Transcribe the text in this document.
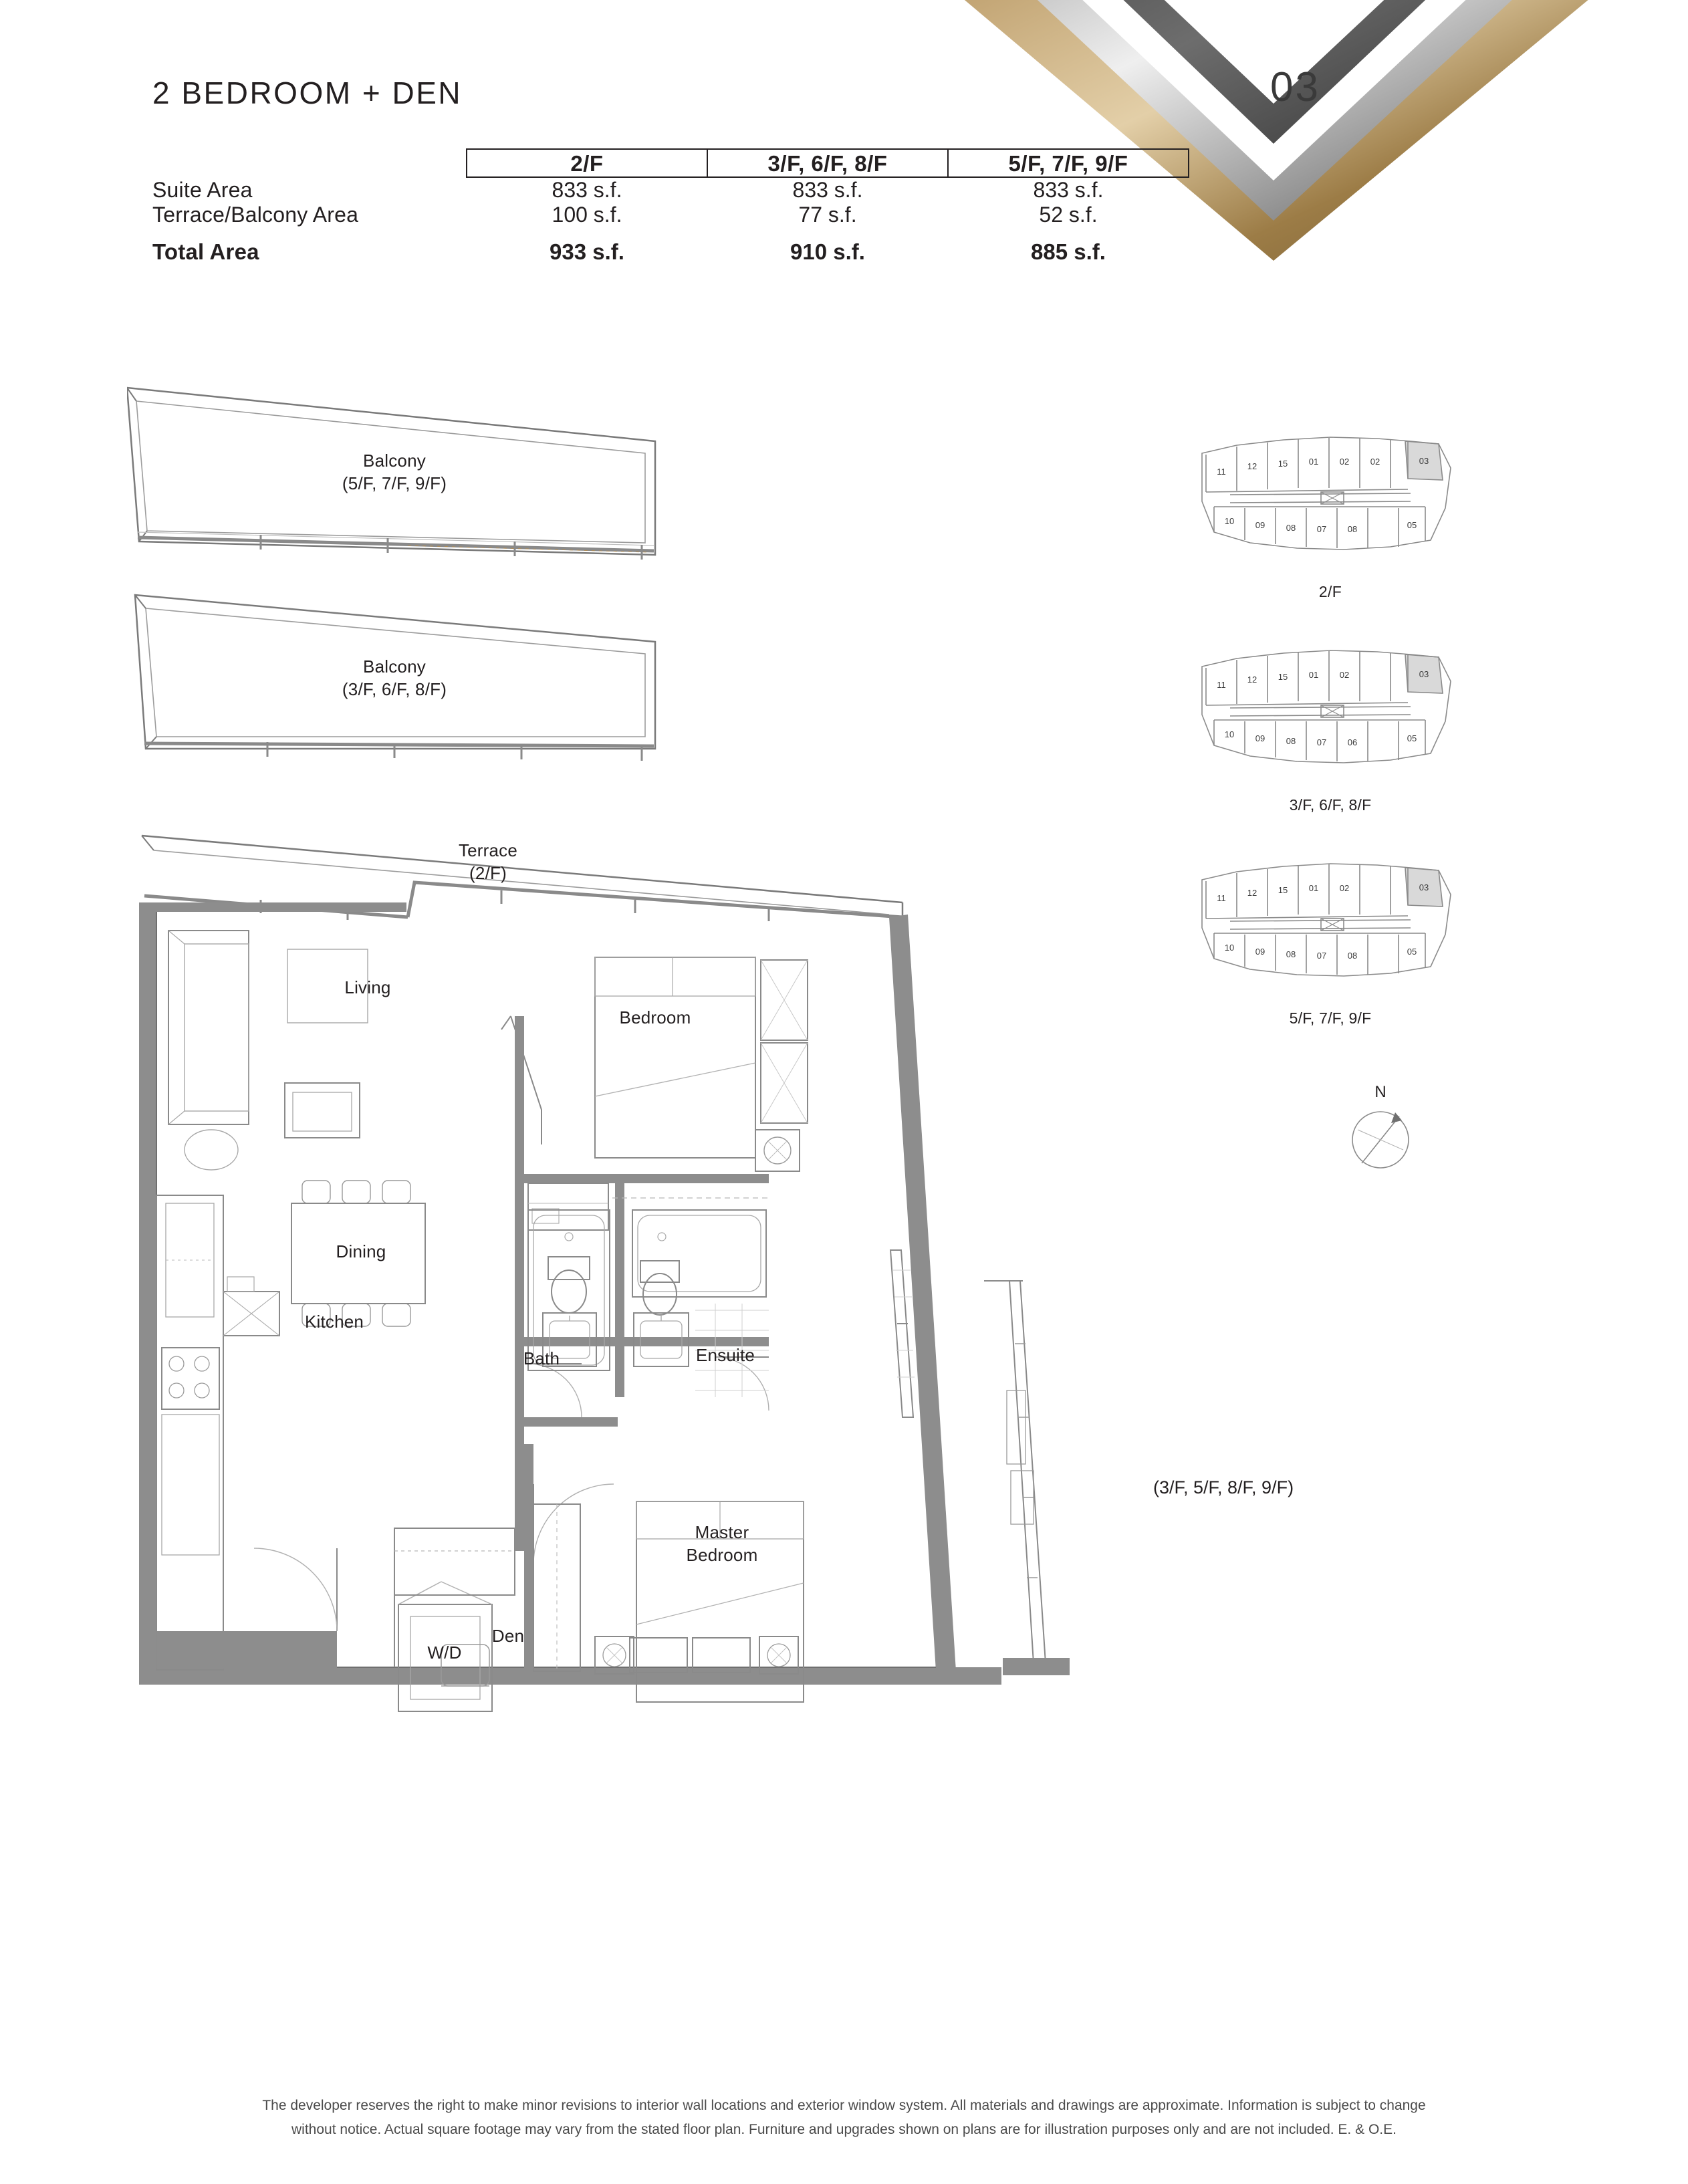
03
2 BEDROOM + DEN
	2/F	3/F, 6/F, 8/F	5/F, 7/F, 9/F
Suite Area	833 s.f.	833 s.f.	833 s.f.
Terrace/Balcony Area	100 s.f.	77 s.f.	52 s.f.
Total Area	933 s.f.	910 s.f.	885 s.f.
Balcony
(5/F, 7/F, 9/F)
Balcony
(3/F, 6/F, 8/F)
Terrace
(2/F)
Living
Dining
Kitchen
Bedroom
Bath	Ensuite
Master
Bedroom
Den
W/D
(3/F, 5/F, 8/F, 9/F)
11
12 15 01 02 02	03
10 09 08 07 08	05
2/F
11
12 15 01 02	03
10 09 08 07 06	05
3/F, 6/F, 8/F
11
12 15 01 02	03
10 09 08 07 08	05
5/F, 7/F, 9/F
N
The developer reserves the right to make minor revisions to interior wall locations and exterior window system. All materials and drawings are approximate. Information is subject to change
without notice. Actual square footage may vary from the stated floor plan. Furniture and upgrades shown on plans are for illustration purposes only and are not included. E. & O.E.
